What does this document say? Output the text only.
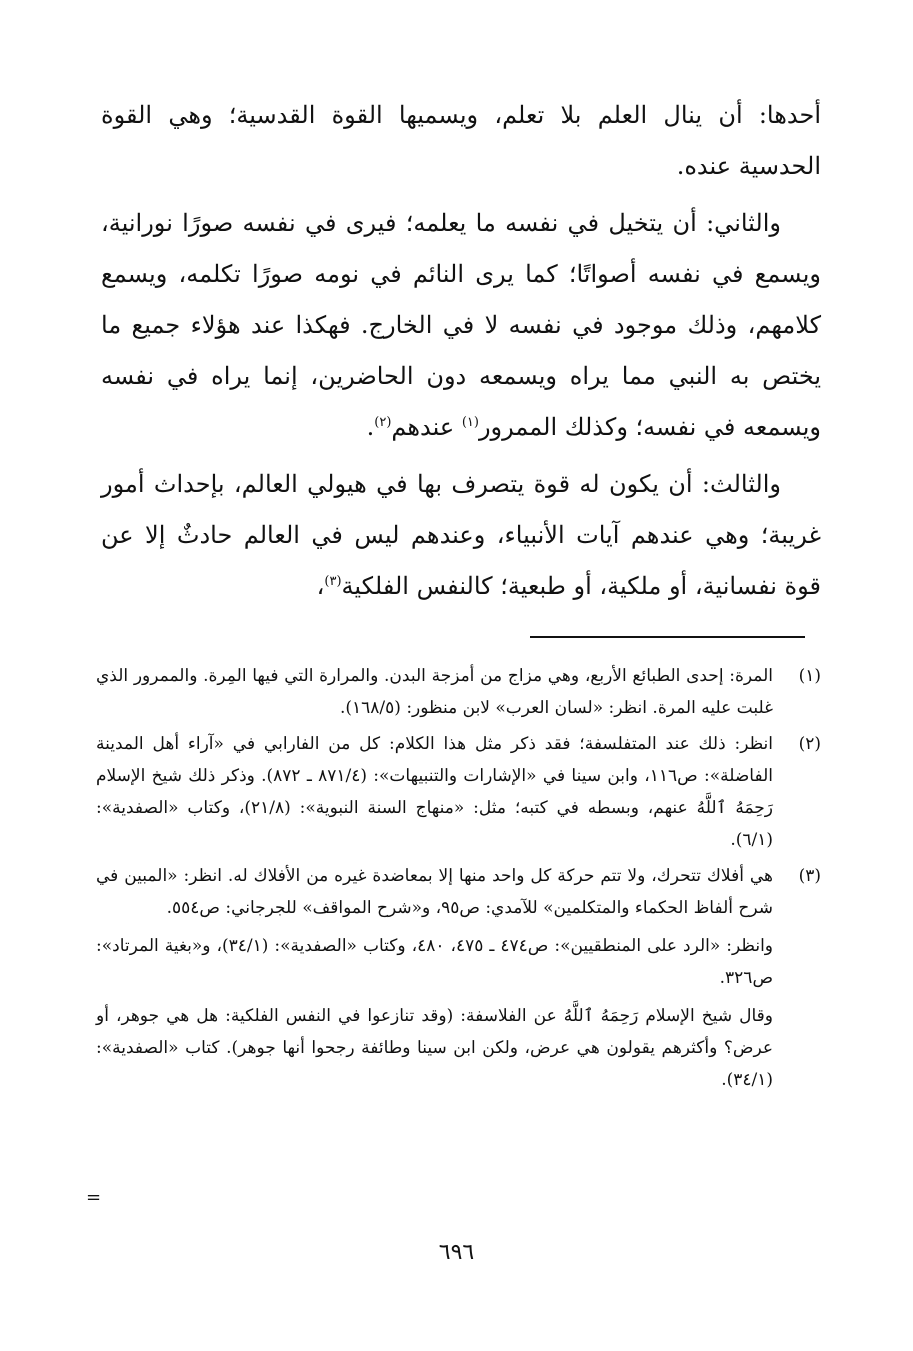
أحدها: أن ينال العلم بلا تعلم، ويسميها القوة القدسية؛ وهي القوة الحدسية عنده.

والثاني: أن يتخيل في نفسه ما يعلمه؛ فيرى في نفسه صورًا نورانية، ويسمع في نفسه أصواتًا؛ كما يرى النائم في نومه صورًا تكلمه، ويسمع كلامهم، وذلك موجود في نفسه لا في الخارج. فهكذا عند هؤلاء جميع ما يختص به النبي مما يراه ويسمعه دون الحاضرين، إنما يراه في نفسه ويسمعه في نفسه؛ وكذلك الممرور$^{(١)}$ عندهم$^{(٢)}$.

والثالث: أن يكون له قوة يتصرف بها في هيولي العالم، بإحداث أمور غريبة؛ وهي عندهم آيات الأنبياء، وعندهم ليس في العالم حادثٌ إلا عن قوة نفسانية، أو ملكية، أو طبعية؛ كالنفس الفلكية$^{(٣)}$،

(١)
المرة: إحدى الطبائع الأربع، وهي مزاج من أمزجة البدن. والمرارة التي فيها المِرة. والممرور الذي غلبت عليه المرة. انظر: «لسان العرب» لابن منظور: (١٦٨/٥).
(٢)
انظر: ذلك عند المتفلسفة؛ فقد ذكر مثل هذا الكلام: كل من الفارابي في «آراء أهل المدينة الفاضلة»: ص١١٦، وابن سينا في «الإشارات والتنبيهات»: (٨٧١/٤ ـ ٨٧٢). وذكر ذلك شيخ الإسلام رَحِمَهُ ٱللَّهُ عنهم، وبسطه في كتبه؛ مثل: «منهاج السنة النبوية»: (٢١/٨)، وكتاب «الصفدية»: (٦/١).
(٣)
هي أفلاك تتحرك، ولا تتم حركة كل واحد منها إلا بمعاضدة غيره من الأفلاك له. انظر: «المبين في شرح ألفاظ الحكماء والمتكلمين» للآمدي: ص٩٥، و«شرح المواقف» للجرجاني: ص٥٥٤.
وانظر: «الرد على المنطقيين»: ص٤٧٤ ـ ٤٧٥، ٤٨٠، وكتاب «الصفدية»: (٣٤/١)، و«بغية المرتاد»: ص٣٢٦.
وقال شيخ الإسلام رَحِمَهُ ٱللَّهُ عن الفلاسفة: (وقد تنازعوا في النفس الفلكية: هل هي جوهر، أو عرض؟ وأكثرهم يقولون هي عرض، ولكن ابن سينا وطائفة رجحوا أنها جوهر). كتاب «الصفدية»: (٣٤/١).
=
٦٩٦
